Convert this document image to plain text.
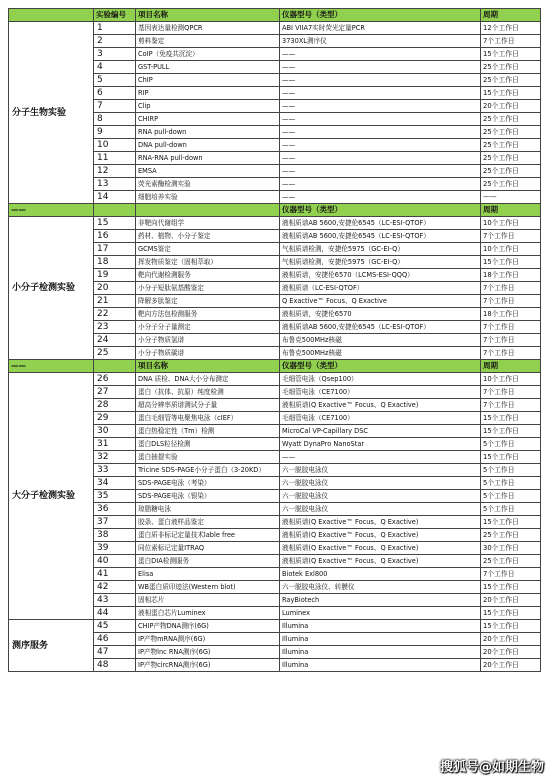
	实验编号	项目名称	仪器型号（类型）	周期
分子生物实验	1	基因表达量检测QPCR	ABI VIIA7实时荧光定量PCR	12个工作日
	2	剪料鉴定	3730XL测序仪	7个工作日
	3	CoIP（免疫共沉淀）	——	15个工作日
	4	GST-PULL	——	25个工作日
	5	ChIP	——	25个工作日
	6	RIP	——	15个工作日
	7	Clip	——	20个工作日
	8	CHIRP	——	25个工作日
	9	RNA pull-down	——	25个工作日
	10	DNA pull-down	——	25个工作日
	11	RNA-RNA pull-down	——	25个工作日
	12	EMSA	——	25个工作日
	13	荧光素酶检测实验	——	25个工作日
	14	细胞培养实验	——	——
——			仪器型号（类型）	周期
小分子检测实验	15	非靶向代谢组学	液相质谱AB 5600,安捷伦6545（LC-ESI-QTOF）	10个工作日
	16	药材、植物、小分子鉴定	液相质谱AB 5600,安捷伦6545（LC-ESI-QTOF）	7个工作日
	17	GCMS鉴定	气相质谱检测，安捷伦5975（GC-EI-Q）	10个工作日
	18	挥发物质鉴定（固相萃取）	气相质谱检测，安捷伦5975（GC-EI-Q）	15个工作日
	19	靶向代谢检测服务	液相质谱，安捷伦6570（LCMS-ESI-QQQ）	18个工作日
	20	小分子短肽氨基酸鉴定	液相质谱（LC-ESI-QTOF）	7个工作日
	21	降解多肽鉴定	Q Exactive™ Focus、Q Exactive	7个工作日
	22	靶向方法包检测服务	液相质谱，安捷伦6570	18个工作日
	23	小分子分子量测定	液相质谱AB 5600,安捷伦6545（LC-ESI-QTOF）	7个工作日
	24	小分子物质氢谱	布鲁克500MHz核磁	7个工作日
	25	小分子物质碳谱	布鲁克500MHz核磁	7个工作日
——		项目名称	仪器型号（类型）	周期
大分子检测实验	26	DNA 质检、DNA大小分布测定	毛细管电泳（Qsep100）	10个工作日
	27	蛋白（抗体、抗原）纯度检测	毛细管电泳（CE7100）	7个工作日
	28	超高分辨率质谱测试分子量	液相质谱(Q Exactive™ Focus、Q Exactive)	7个工作日
	29	蛋白毛细管等电聚焦电泳（cIEF）	毛细管电泳（CE7100）	15个工作日
	30	蛋白热稳定性（Tm）检测	MicroCal VP-Capillary DSC	15个工作日
	31	蛋白DLS粒径检测	Wyatt DynaPro NanoStar	5个工作日
	32	蛋白抽提实验	——	15个工作日
	33	Tricine SDS-PAGE小分子蛋白（3-20KD）	六一脱胶电泳仪	5个工作日
	34	SDS-PAGE电泳（考染）	六一脱胶电泳仪	5个工作日
	35	SDS-PAGE电泳（银染）	六一脱胶电泳仪	5个工作日
	36	琼脂糖电泳	六一脱胶电泳仪	5个工作日
	37	胶条、蛋白液样品鉴定	液相质谱(Q Exactive™ Focus、Q Exactive)	15个工作日
	38	蛋白质非标记定量技术lable free	液相质谱(Q Exactive™ Focus、Q Exactive)	25个工作日
	39	同位素标记定量ITRAQ	液相质谱(Q Exactive™ Focus、Q Exactive)	30个工作日
	40	蛋白DIA检测服务	液相质谱(Q Exactive™ Focus、Q Exactive)	25个工作日
	41	Elisa	Biotek Exl800	7个工作日
	42	WB蛋白质印迹法(Western blot)	六一脱胶电泳仪、转膜仪	15个工作日
	43	固相芯片	RayBiotech	20个工作日
	44	液相蛋白芯片Luminex	Luminex	15个工作日
测序服务	45	CHIP产物DNA测序(6G)	Illumina	15个工作日
	46	IP产物mRNA测序(6G)	Illumina	20个工作日
	47	IP产物lnc RNA测序(6G)	Illumina	20个工作日
	48	IP产物circRNA测序(6G)	Illumina	20个工作日
搜狐号@如期生物
